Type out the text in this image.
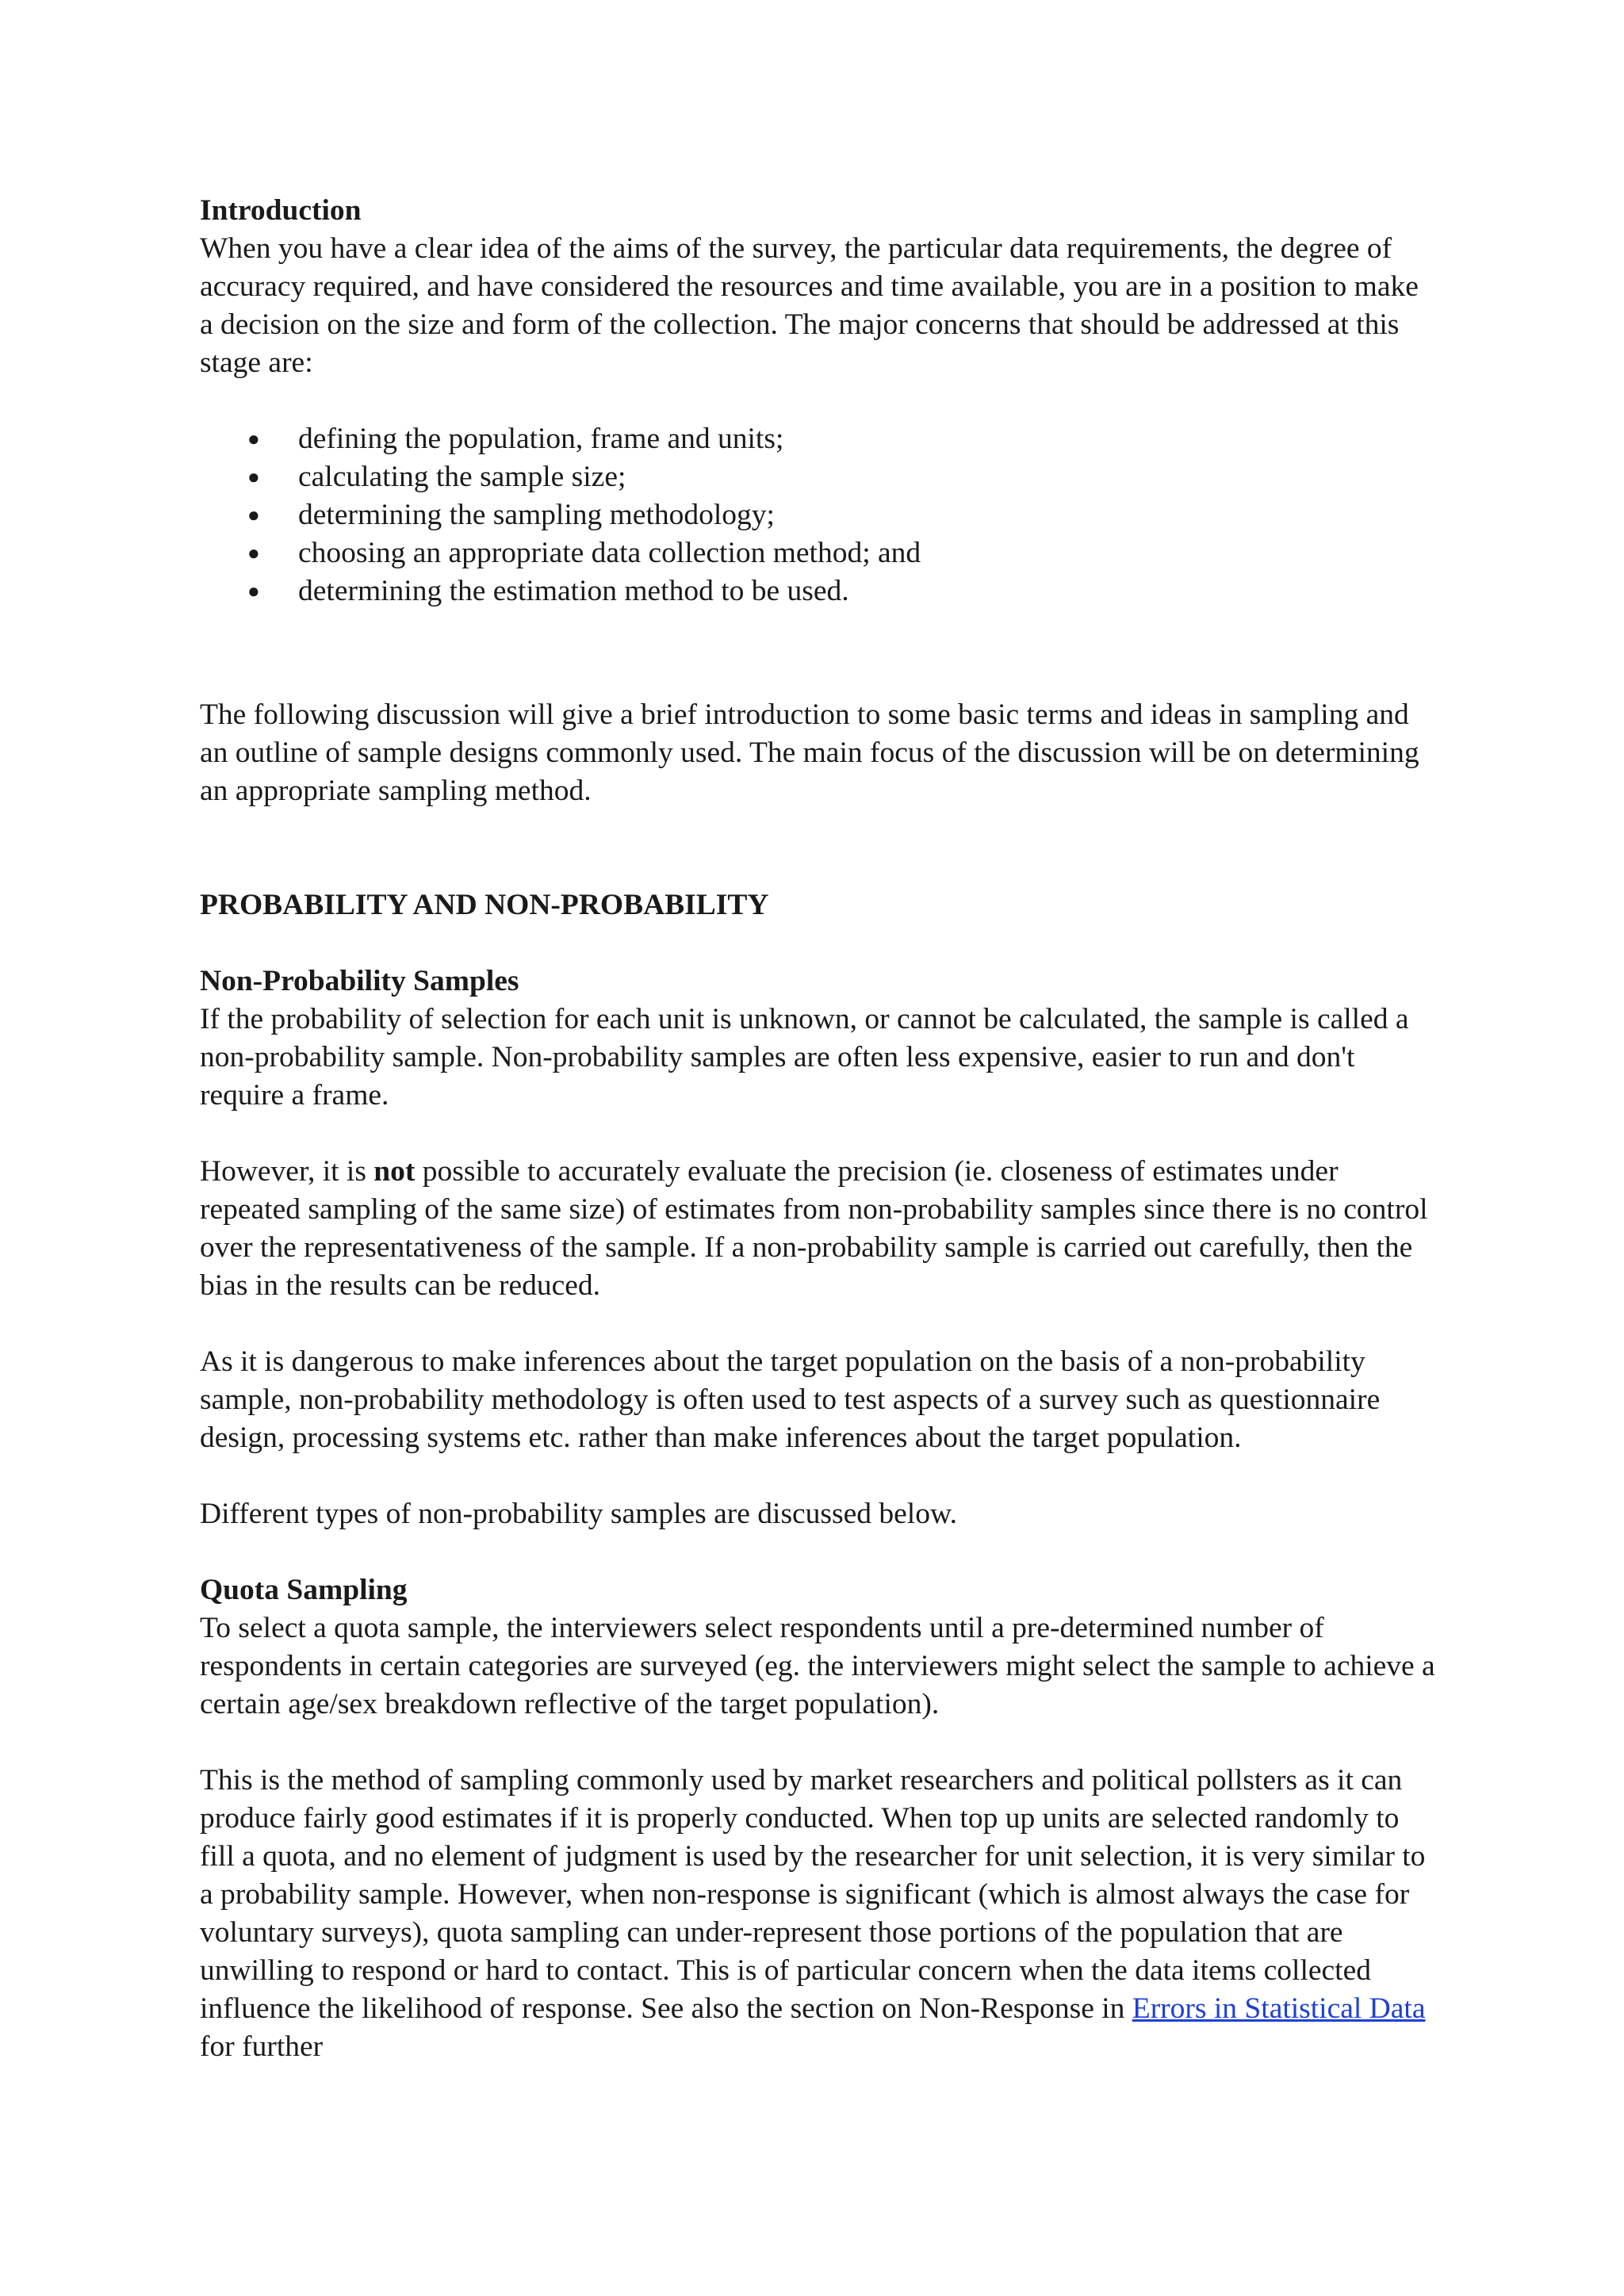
Introduction

When you have a clear idea of the aims of the survey, the particular data requirements, the degree of accuracy required, and have considered the resources and time available, you are in a position to make a decision on the size and form of the collection. The major concerns that should be addressed at this stage are:

● defining the population, frame and units;
● calculating the sample size;
● determining the sampling methodology;
● choosing an appropriate data collection method; and
● determining the estimation method to be used.

The following discussion will give a brief introduction to some basic terms and ideas in sampling and an outline of sample designs commonly used. The main focus of the discussion will be on determining an appropriate sampling method.

PROBABILITY AND NON-PROBABILITY

Non-Probability Samples

If the probability of selection for each unit is unknown, or cannot be calculated, the sample is called a non-probability sample. Non-probability samples are often less expensive, easier to run and don't require a frame.

However, it is not possible to accurately evaluate the precision (ie. closeness of estimates under repeated sampling of the same size) of estimates from non-probability samples since there is no control over the representativeness of the sample. If a non-probability sample is carried out carefully, then the bias in the results can be reduced.

As it is dangerous to make inferences about the target population on the basis of a non-probability sample, non-probability methodology is often used to test aspects of a survey such as questionnaire design, processing systems etc. rather than make inferences about the target population.

Different types of non-probability samples are discussed below.

Quota Sampling

To select a quota sample, the interviewers select respondents until a pre-determined number of respondents in certain categories are surveyed (eg. the interviewers might select the sample to achieve a certain age/sex breakdown reflective of the target population).

This is the method of sampling commonly used by market researchers and political pollsters as it can produce fairly good estimates if it is properly conducted. When top up units are selected randomly to fill a quota, and no element of judgment is used by the researcher for unit selection, it is very similar to a probability sample. However, when non-response is significant (which is almost always the case for voluntary surveys), quota sampling can under-represent those portions of the population that are unwilling to respond or hard to contact. This is of particular concern when the data items collected influence the likelihood of response. See also the section on Non-Response in Errors in Statistical Data for further
